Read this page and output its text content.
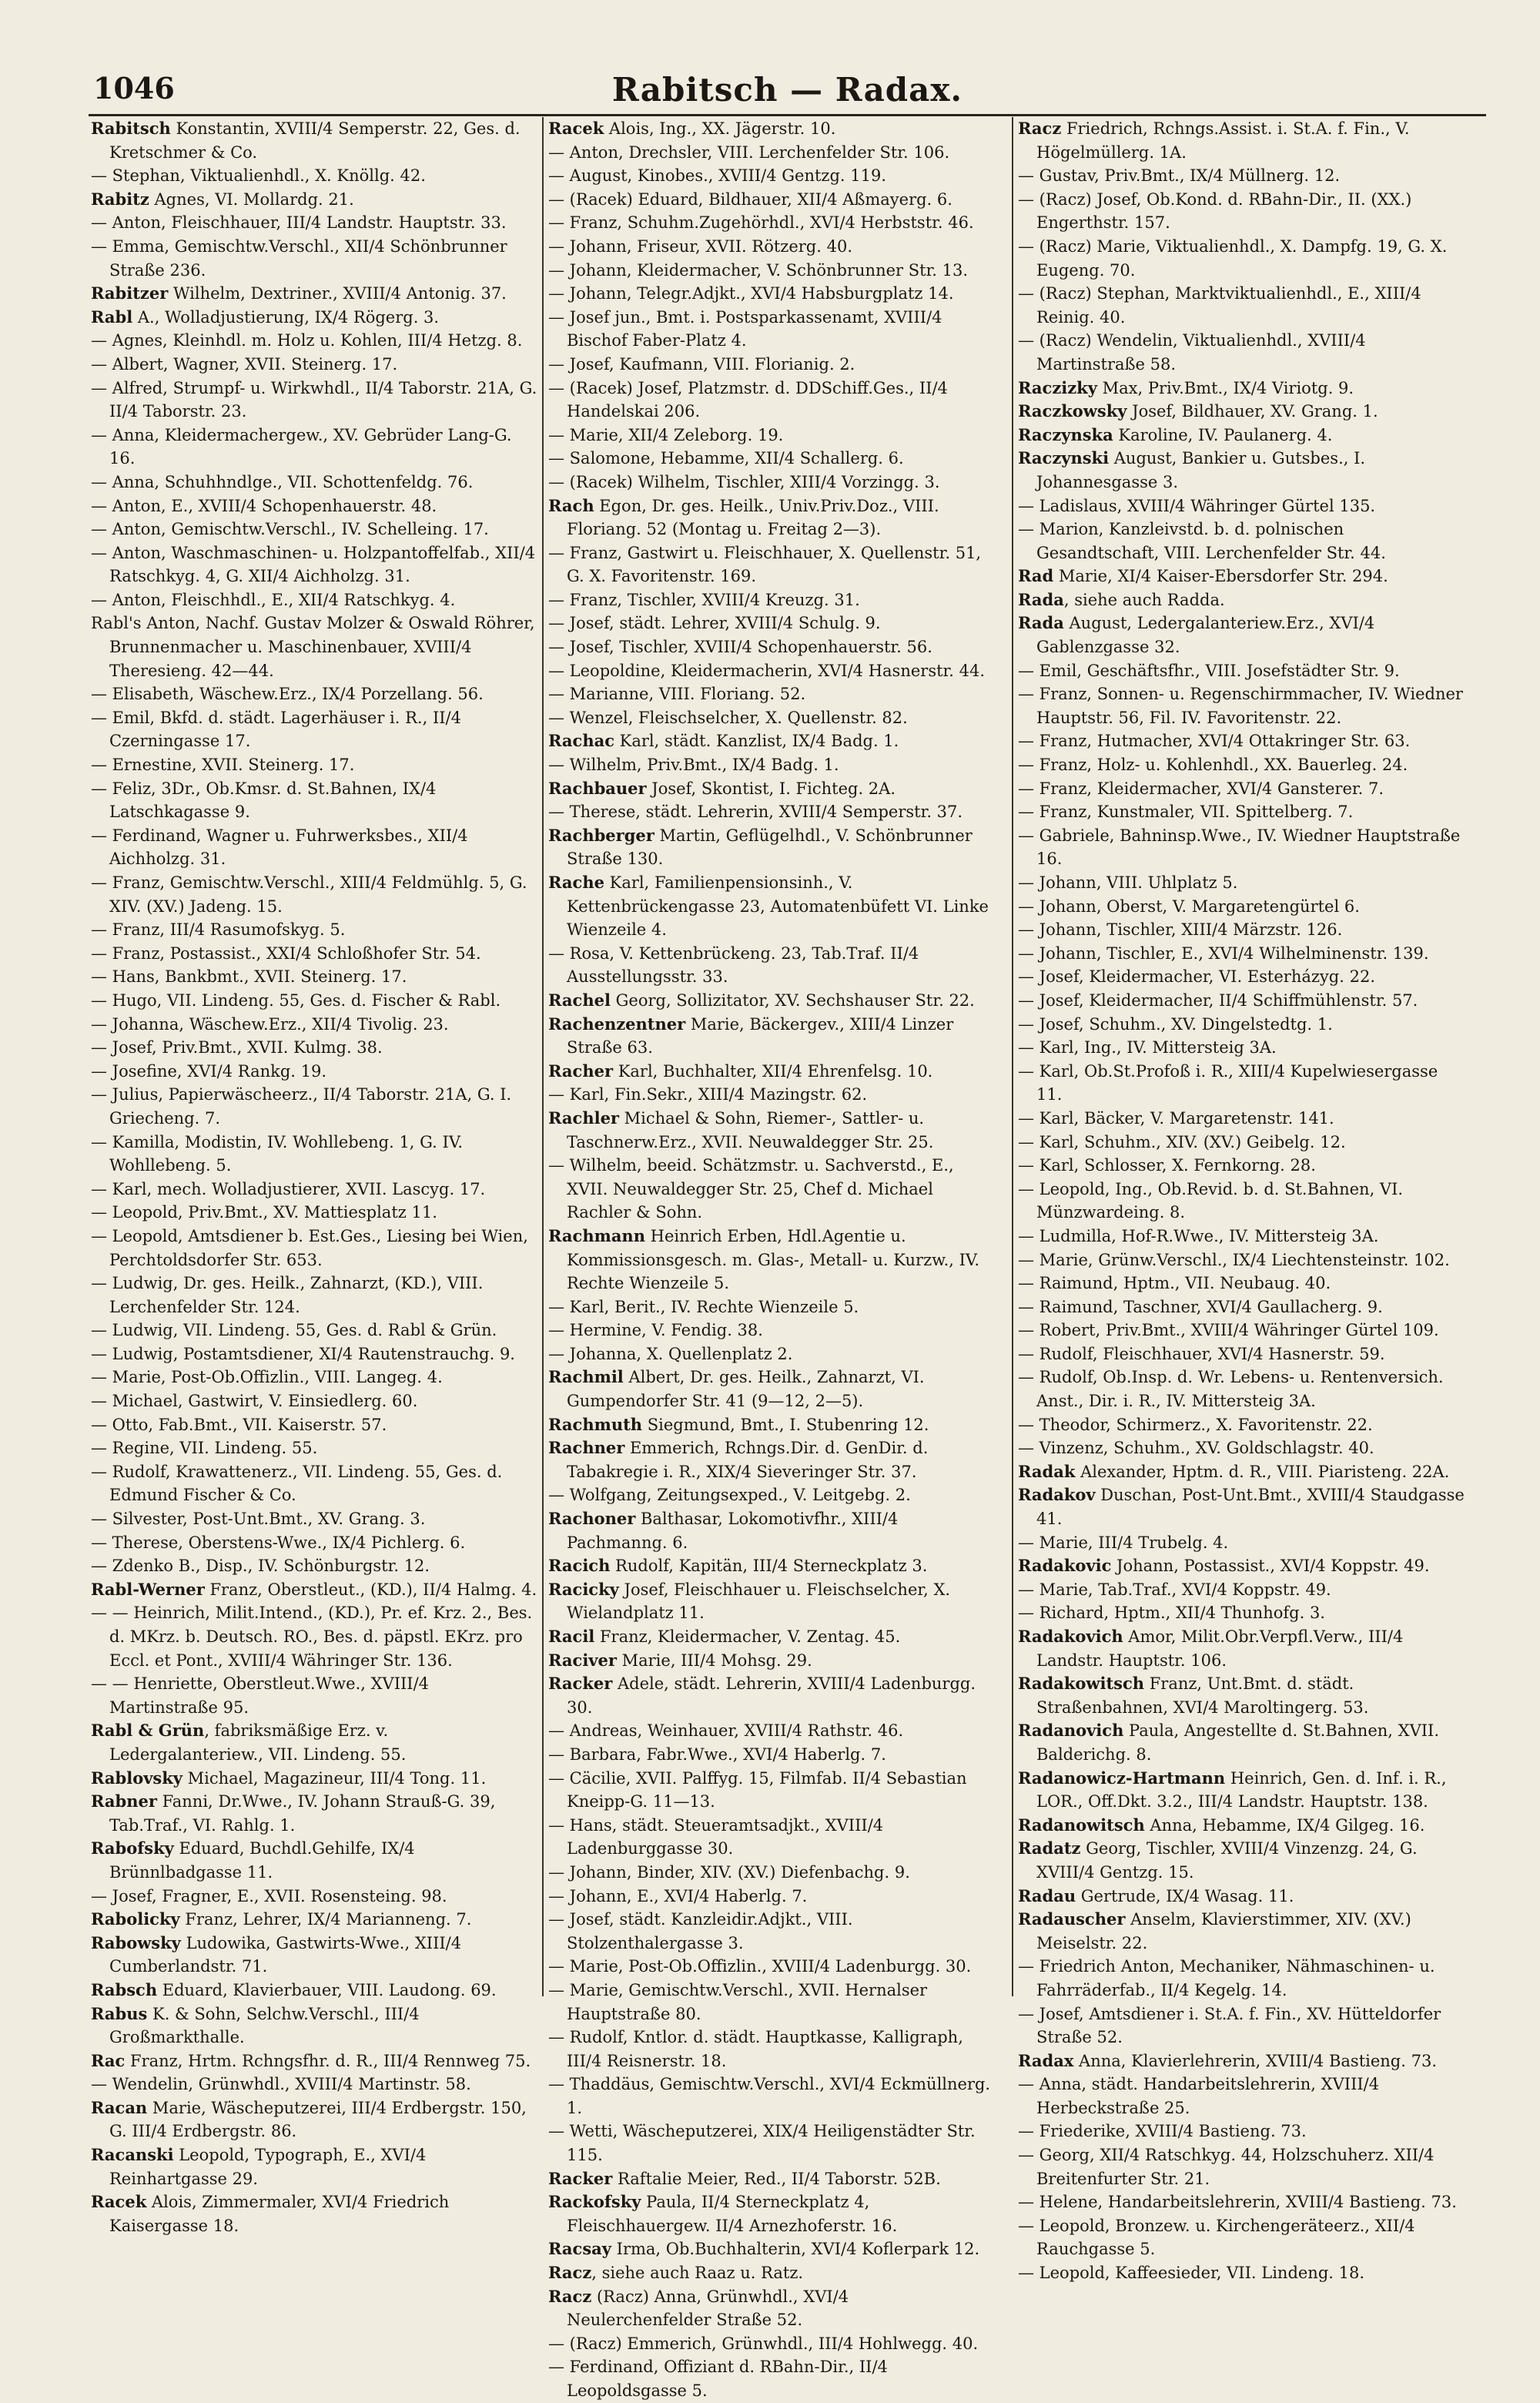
1046	Rabitsch — Radax.
Rabitsch Konstantin, XVIII/4 Semperstr. 22, Ges. d. Kretschmer & Co.
— Stephan, Viktualienhdl., X. Knöllg. 42.
Rabitz Agnes, VI. Mollardg. 21.
— Anton, Fleischhauer, III/4 Landstr. Hauptstr. 33.
— Emma, Gemischtw.Verschl., XII/4 Schönbrunner Straße 236.
Rabitzer Wilhelm, Dextriner., XVIII/4 Antonig. 37.
Rabl A., Wolladjustierung, IX/4 Rögerg. 3.
— Agnes, Kleinhdl. m. Holz u. Kohlen, III/4 Hetzg. 8.
— Albert, Wagner, XVII. Steinerg. 17.
— Alfred, Strumpf- u. Wirkwhdl., II/4 Taborstr. 21A, G. II/4 Taborstr. 23.
— Anna, Kleidermachergew., XV. Gebrüder Lang-G. 16.
— Anna, Schuhhndlge., VII. Schottenfeldg. 76.
— Anton, E., XVIII/4 Schopenhauerstr. 48.
— Anton, Gemischtw.Verschl., IV. Schelleing. 17.
— Anton, Waschmaschinen- u. Holzpantoffelfab., XII/4 Ratschkyg. 4, G. XII/4 Aichholzg. 31.
— Anton, Fleischhdl., E., XII/4 Ratschkyg. 4.
Rabl's Anton, Nachf. Gustav Molzer & Oswald Röhrer, Brunnenmacher u. Maschinenbauer, XVIII/4 Theresieng. 42—44.
— Elisabeth, Wäschew.Erz., IX/4 Porzellang. 56.
— Emil, Bkfd. d. städt. Lagerhäuser i. R., II/4 Czerningasse 17.
— Ernestine, XVII. Steinerg. 17.
— Feliz, 3Dr., Ob.Kmsr. d. St.Bahnen, IX/4 Latschkagasse 9.
— Ferdinand, Wagner u. Fuhrwerksbes., XII/4 Aichholzg. 31.
— Franz, Gemischtw.Verschl., XIII/4 Feldmühlg. 5, G. XIV. (XV.) Jadeng. 15.
— Franz, III/4 Rasumofskyg. 5.
— Franz, Postassist., XXI/4 Schloßhofer Str. 54.
— Hans, Bankbmt., XVII. Steinerg. 17.
— Hugo, VII. Lindeng. 55, Ges. d. Fischer & Rabl.
— Johanna, Wäschew.Erz., XII/4 Tivolig. 23.
— Josef, Priv.Bmt., XVII. Kulmg. 38.
— Josefine, XVI/4 Rankg. 19.
— Julius, Papierwäscheerz., II/4 Taborstr. 21A, G. I. Griecheng. 7.
— Kamilla, Modistin, IV. Wohllebeng. 1, G. IV. Wohllebeng. 5.
— Karl, mech. Wolladjustierer, XVII. Lascyg. 17.
— Leopold, Priv.Bmt., XV. Mattiesplatz 11.
— Leopold, Amtsdiener b. Est.Ges., Liesing bei Wien, Perchtoldsdorfer Str. 653.
— Ludwig, Dr. ges. Heilk., Zahnarzt, (KD.), VIII. Lerchenfelder Str. 124.
— Ludwig, VII. Lindeng. 55, Ges. d. Rabl & Grün.
— Ludwig, Postamtsdiener, XI/4 Rautenstrauchg. 9.
— Marie, Post-Ob.Offizlin., VIII. Langeg. 4.
— Michael, Gastwirt, V. Einsiedlerg. 60.
— Otto, Fab.Bmt., VII. Kaiserstr. 57.
— Regine, VII. Lindeng. 55.
— Rudolf, Krawattenerz., VII. Lindeng. 55, Ges. d. Edmund Fischer & Co.
— Silvester, Post-Unt.Bmt., XV. Grang. 3.
— Therese, Oberstens-Wwe., IX/4 Pichlerg. 6.
— Zdenko B., Disp., IV. Schönburgstr. 12.
Rabl-Werner Franz, Oberstleut., (KD.), II/4 Halmg. 4.
— — Heinrich, Milit.Intend., (KD.), Pr. ef. Krz. 2., Bes. d. MKrz. b. Deutsch. RO., Bes. d. päpstl. EKrz. pro Eccl. et Pont., XVIII/4 Währinger Str. 136.
— — Henriette, Oberstleut.Wwe., XVIII/4 Martinstraße 95.
Rabl & Grün, fabriksmäßige Erz. v. Ledergalanteriew., VII. Lindeng. 55.
Rablovsky Michael, Magazineur, III/4 Tong. 11.
Rabner Fanni, Dr.Wwe., IV. Johann Strauß-G. 39, Tab.Traf., VI. Rahlg. 1.
Rabofsky Eduard, Buchdl.Gehilfe, IX/4 Brünnlbadgasse 11.
— Josef, Fragner, E., XVII. Rosensteing. 98.
Rabolicky Franz, Lehrer, IX/4 Marianneng. 7.
Rabowsky Ludowika, Gastwirts-Wwe., XIII/4 Cumberlandstr. 71.
Rabsch Eduard, Klavierbauer, VIII. Laudong. 69.
Rabus K. & Sohn, Selchw.Verschl., III/4 Großmarkthalle.
Rac Franz, Hrtm. Rchngsfhr. d. R., III/4 Rennweg 75.
— Wendelin, Grünwhdl., XVIII/4 Martinstr. 58.
Racan Marie, Wäscheputzerei, III/4 Erdbergstr. 150, G. III/4 Erdbergstr. 86.
Racanski Leopold, Typograph, E., XVI/4 Reinhartgasse 29.
Racek Alois, Zimmermaler, XVI/4 Friedrich Kaisergasse 18.
Racek Alois, Ing., XX. Jägerstr. 10.
— Anton, Drechsler, VIII. Lerchenfelder Str. 106.
— August, Kinobes., XVIII/4 Gentzg. 119.
— (Racek) Eduard, Bildhauer, XII/4 Aßmayerg. 6.
— Franz, Schuhm.Zugehörhdl., XVI/4 Herbststr. 46.
— Johann, Friseur, XVII. Rötzerg. 40.
— Johann, Kleidermacher, V. Schönbrunner Str. 13.
— Johann, Telegr.Adjkt., XVI/4 Habsburgplatz 14.
— Josef jun., Bmt. i. Postsparkassenamt, XVIII/4 Bischof Faber-Platz 4.
— Josef, Kaufmann, VIII. Florianig. 2.
— (Racek) Josef, Platzmstr. d. DDSchiff.Ges., II/4 Handelskai 206.
— Marie, XII/4 Zeleborg. 19.
— Salomone, Hebamme, XII/4 Schallerg. 6.
— (Racek) Wilhelm, Tischler, XIII/4 Vorzingg. 3.
Rach Egon, Dr. ges. Heilk., Univ.Priv.Doz., VIII. Floriang. 52 (Montag u. Freitag 2—3).
— Franz, Gastwirt u. Fleischhauer, X. Quellenstr. 51, G. X. Favoritenstr. 169.
— Franz, Tischler, XVIII/4 Kreuzg. 31.
— Josef, städt. Lehrer, XVIII/4 Schulg. 9.
— Josef, Tischler, XVIII/4 Schopenhauerstr. 56.
— Leopoldine, Kleidermacherin, XVI/4 Hasnerstr. 44.
— Marianne, VIII. Floriang. 52.
— Wenzel, Fleischselcher, X. Quellenstr. 82.
Rachac Karl, städt. Kanzlist, IX/4 Badg. 1.
— Wilhelm, Priv.Bmt., IX/4 Badg. 1.
Rachbauer Josef, Skontist, I. Fichteg. 2A.
— Therese, städt. Lehrerin, XVIII/4 Semperstr. 37.
Rachberger Martin, Geflügelhdl., V. Schönbrunner Straße 130.
Rache Karl, Familienpensionsinh., V. Kettenbrückengasse 23, Automatenbüfett VI. Linke Wienzeile 4.
— Rosa, V. Kettenbrückeng. 23, Tab.Traf. II/4 Ausstellungsstr. 33.
Rachel Georg, Sollizitator, XV. Sechshauser Str. 22.
Rachenzentner Marie, Bäckergev., XIII/4 Linzer Straße 63.
Racher Karl, Buchhalter, XII/4 Ehrenfelsg. 10.
— Karl, Fin.Sekr., XIII/4 Mazingstr. 62.
Rachler Michael & Sohn, Riemer-, Sattler- u. Taschnerw.Erz., XVII. Neuwaldegger Str. 25.
— Wilhelm, beeid. Schätzmstr. u. Sachverstd., E., XVII. Neuwaldegger Str. 25, Chef d. Michael Rachler & Sohn.
Rachmann Heinrich Erben, Hdl.Agentie u. Kommissionsgesch. m. Glas-, Metall- u. Kurzw., IV. Rechte Wienzeile 5.
— Karl, Berit., IV. Rechte Wienzeile 5.
— Hermine, V. Fendig. 38.
— Johanna, X. Quellenplatz 2.
Rachmil Albert, Dr. ges. Heilk., Zahnarzt, VI. Gumpendorfer Str. 41 (9—12, 2—5).
Rachmuth Siegmund, Bmt., I. Stubenring 12.
Rachner Emmerich, Rchngs.Dir. d. GenDir. d. Tabakregie i. R., XIX/4 Sieveringer Str. 37.
— Wolfgang, Zeitungsexped., V. Leitgebg. 2.
Rachoner Balthasar, Lokomotivfhr., XIII/4 Pachmanng. 6.
Racich Rudolf, Kapitän, III/4 Sterneckplatz 3.
Racicky Josef, Fleischhauer u. Fleischselcher, X. Wielandplatz 11.
Racil Franz, Kleidermacher, V. Zentag. 45.
Raciver Marie, III/4 Mohsg. 29.
Racker Adele, städt. Lehrerin, XVIII/4 Ladenburgg. 30.
— Andreas, Weinhauer, XVIII/4 Rathstr. 46.
— Barbara, Fabr.Wwe., XVI/4 Haberlg. 7.
— Cäcilie, XVII. Palffyg. 15, Filmfab. II/4 Sebastian Kneipp-G. 11—13.
— Hans, städt. Steueramtsadjkt., XVIII/4 Ladenburggasse 30.
— Johann, Binder, XIV. (XV.) Diefenbachg. 9.
— Johann, E., XVI/4 Haberlg. 7.
— Josef, städt. Kanzleidir.Adjkt., VIII. Stolzenthalergasse 3.
— Marie, Post-Ob.Offizlin., XVIII/4 Ladenburgg. 30.
— Marie, Gemischtw.Verschl., XVII. Hernalser Hauptstraße 80.
— Rudolf, Kntlor. d. städt. Hauptkasse, Kalligraph, III/4 Reisnerstr. 18.
— Thaddäus, Gemischtw.Verschl., XVI/4 Eckmüllnerg. 1.
— Wetti, Wäscheputzerei, XIX/4 Heiligenstädter Str. 115.
Racker Raftalie Meier, Red., II/4 Taborstr. 52B.
Rackofsky Paula, II/4 Sterneckplatz 4, Fleischhauergew. II/4 Arnezhoferstr. 16.
Racsay Irma, Ob.Buchhalterin, XVI/4 Koflerpark 12.
Racz, siehe auch Raaz u. Ratz.
Racz (Racz) Anna, Grünwhdl., XVI/4 Neulerchenfelder Straße 52.
— (Racz) Emmerich, Grünwhdl., III/4 Hohlwegg. 40.
— Ferdinand, Offiziant d. RBahn-Dir., II/4 Leopoldsgasse 5.
Racz Friedrich, Rchngs.Assist. i. St.A. f. Fin., V. Högelmüllerg. 1A.
— Gustav, Priv.Bmt., IX/4 Müllnerg. 12.
— (Racz) Josef, Ob.Kond. d. RBahn-Dir., II. (XX.) Engerthstr. 157.
— (Racz) Marie, Viktualienhdl., X. Dampfg. 19, G. X. Eugeng. 70.
— (Racz) Stephan, Marktviktualienhdl., E., XIII/4 Reinig. 40.
— (Racz) Wendelin, Viktualienhdl., XVIII/4 Martinstraße 58.
Raczizky Max, Priv.Bmt., IX/4 Viriotg. 9.
Raczkowsky Josef, Bildhauer, XV. Grang. 1.
Raczynska Karoline, IV. Paulanerg. 4.
Raczynski August, Bankier u. Gutsbes., I. Johannesgasse 3.
— Ladislaus, XVIII/4 Währinger Gürtel 135.
— Marion, Kanzleivstd. b. d. polnischen Gesandtschaft, VIII. Lerchenfelder Str. 44.
Rad Marie, XI/4 Kaiser-Ebersdorfer Str. 294.
Rada, siehe auch Radda.
Rada August, Ledergalanteriew.Erz., XVI/4 Gablenzgasse 32.
— Emil, Geschäftsfhr., VIII. Josefstädter Str. 9.
— Franz, Sonnen- u. Regenschirmmacher, IV. Wiedner Hauptstr. 56, Fil. IV. Favoritenstr. 22.
— Franz, Hutmacher, XVI/4 Ottakringer Str. 63.
— Franz, Holz- u. Kohlenhdl., XX. Bauerleg. 24.
— Franz, Kleidermacher, XVI/4 Gansterer. 7.
— Franz, Kunstmaler, VII. Spittelberg. 7.
— Gabriele, Bahninsp.Wwe., IV. Wiedner Hauptstraße 16.
— Johann, VIII. Uhlplatz 5.
— Johann, Oberst, V. Margaretengürtel 6.
— Johann, Tischler, XIII/4 Märzstr. 126.
— Johann, Tischler, E., XVI/4 Wilhelminenstr. 139.
— Josef, Kleidermacher, VI. Esterházyg. 22.
— Josef, Kleidermacher, II/4 Schiffmühlenstr. 57.
— Josef, Schuhm., XV. Dingelstedtg. 1.
— Karl, Ing., IV. Mittersteig 3A.
— Karl, Ob.St.Profoß i. R., XIII/4 Kupelwiesergasse 11.
— Karl, Bäcker, V. Margaretenstr. 141.
— Karl, Schuhm., XIV. (XV.) Geibelg. 12.
— Karl, Schlosser, X. Fernkorng. 28.
— Leopold, Ing., Ob.Revid. b. d. St.Bahnen, VI. Münzwardeing. 8.
— Ludmilla, Hof-R.Wwe., IV. Mittersteig 3A.
— Marie, Grünw.Verschl., IX/4 Liechtensteinstr. 102.
— Raimund, Hptm., VII. Neubaug. 40.
— Raimund, Taschner, XVI/4 Gaullacherg. 9.
— Robert, Priv.Bmt., XVIII/4 Währinger Gürtel 109.
— Rudolf, Fleischhauer, XVI/4 Hasnerstr. 59.
— Rudolf, Ob.Insp. d. Wr. Lebens- u. Rentenversich. Anst., Dir. i. R., IV. Mittersteig 3A.
— Theodor, Schirmerz., X. Favoritenstr. 22.
— Vinzenz, Schuhm., XV. Goldschlagstr. 40.
Radak Alexander, Hptm. d. R., VIII. Piaristeng. 22A.
Radakov Duschan, Post-Unt.Bmt., XVIII/4 Staudgasse 41.
— Marie, III/4 Trubelg. 4.
Radakovic Johann, Postassist., XVI/4 Koppstr. 49.
— Marie, Tab.Traf., XVI/4 Koppstr. 49.
— Richard, Hptm., XII/4 Thunhofg. 3.
Radakovich Amor, Milit.Obr.Verpfl.Verw., III/4 Landstr. Hauptstr. 106.
Radakowitsch Franz, Unt.Bmt. d. städt. Straßenbahnen, XVI/4 Maroltingerg. 53.
Radanovich Paula, Angestellte d. St.Bahnen, XVII. Balderichg. 8.
Radanowicz-Hartmann Heinrich, Gen. d. Inf. i. R., LOR., Off.Dkt. 3.2., III/4 Landstr. Hauptstr. 138.
Radanowitsch Anna, Hebamme, IX/4 Gilgeg. 16.
Radatz Georg, Tischler, XVIII/4 Vinzenzg. 24, G. XVIII/4 Gentzg. 15.
Radau Gertrude, IX/4 Wasag. 11.
Radauscher Anselm, Klavierstimmer, XIV. (XV.) Meiselstr. 22.
— Friedrich Anton, Mechaniker, Nähmaschinen- u. Fahrräderfab., II/4 Kegelg. 14.
— Josef, Amtsdiener i. St.A. f. Fin., XV. Hütteldorfer Straße 52.
Radax Anna, Klavierlehrerin, XVIII/4 Bastieng. 73.
— Anna, städt. Handarbeitslehrerin, XVIII/4 Herbeckstraße 25.
— Friederike, XVIII/4 Bastieng. 73.
— Georg, XII/4 Ratschkyg. 44, Holzschuherz. XII/4 Breitenfurter Str. 21.
— Helene, Handarbeitslehrerin, XVIII/4 Bastieng. 73.
— Leopold, Bronzew. u. Kirchengeräteerz., XII/4 Rauchgasse 5.
— Leopold, Kaffeesieder, VII. Lindeng. 18.
